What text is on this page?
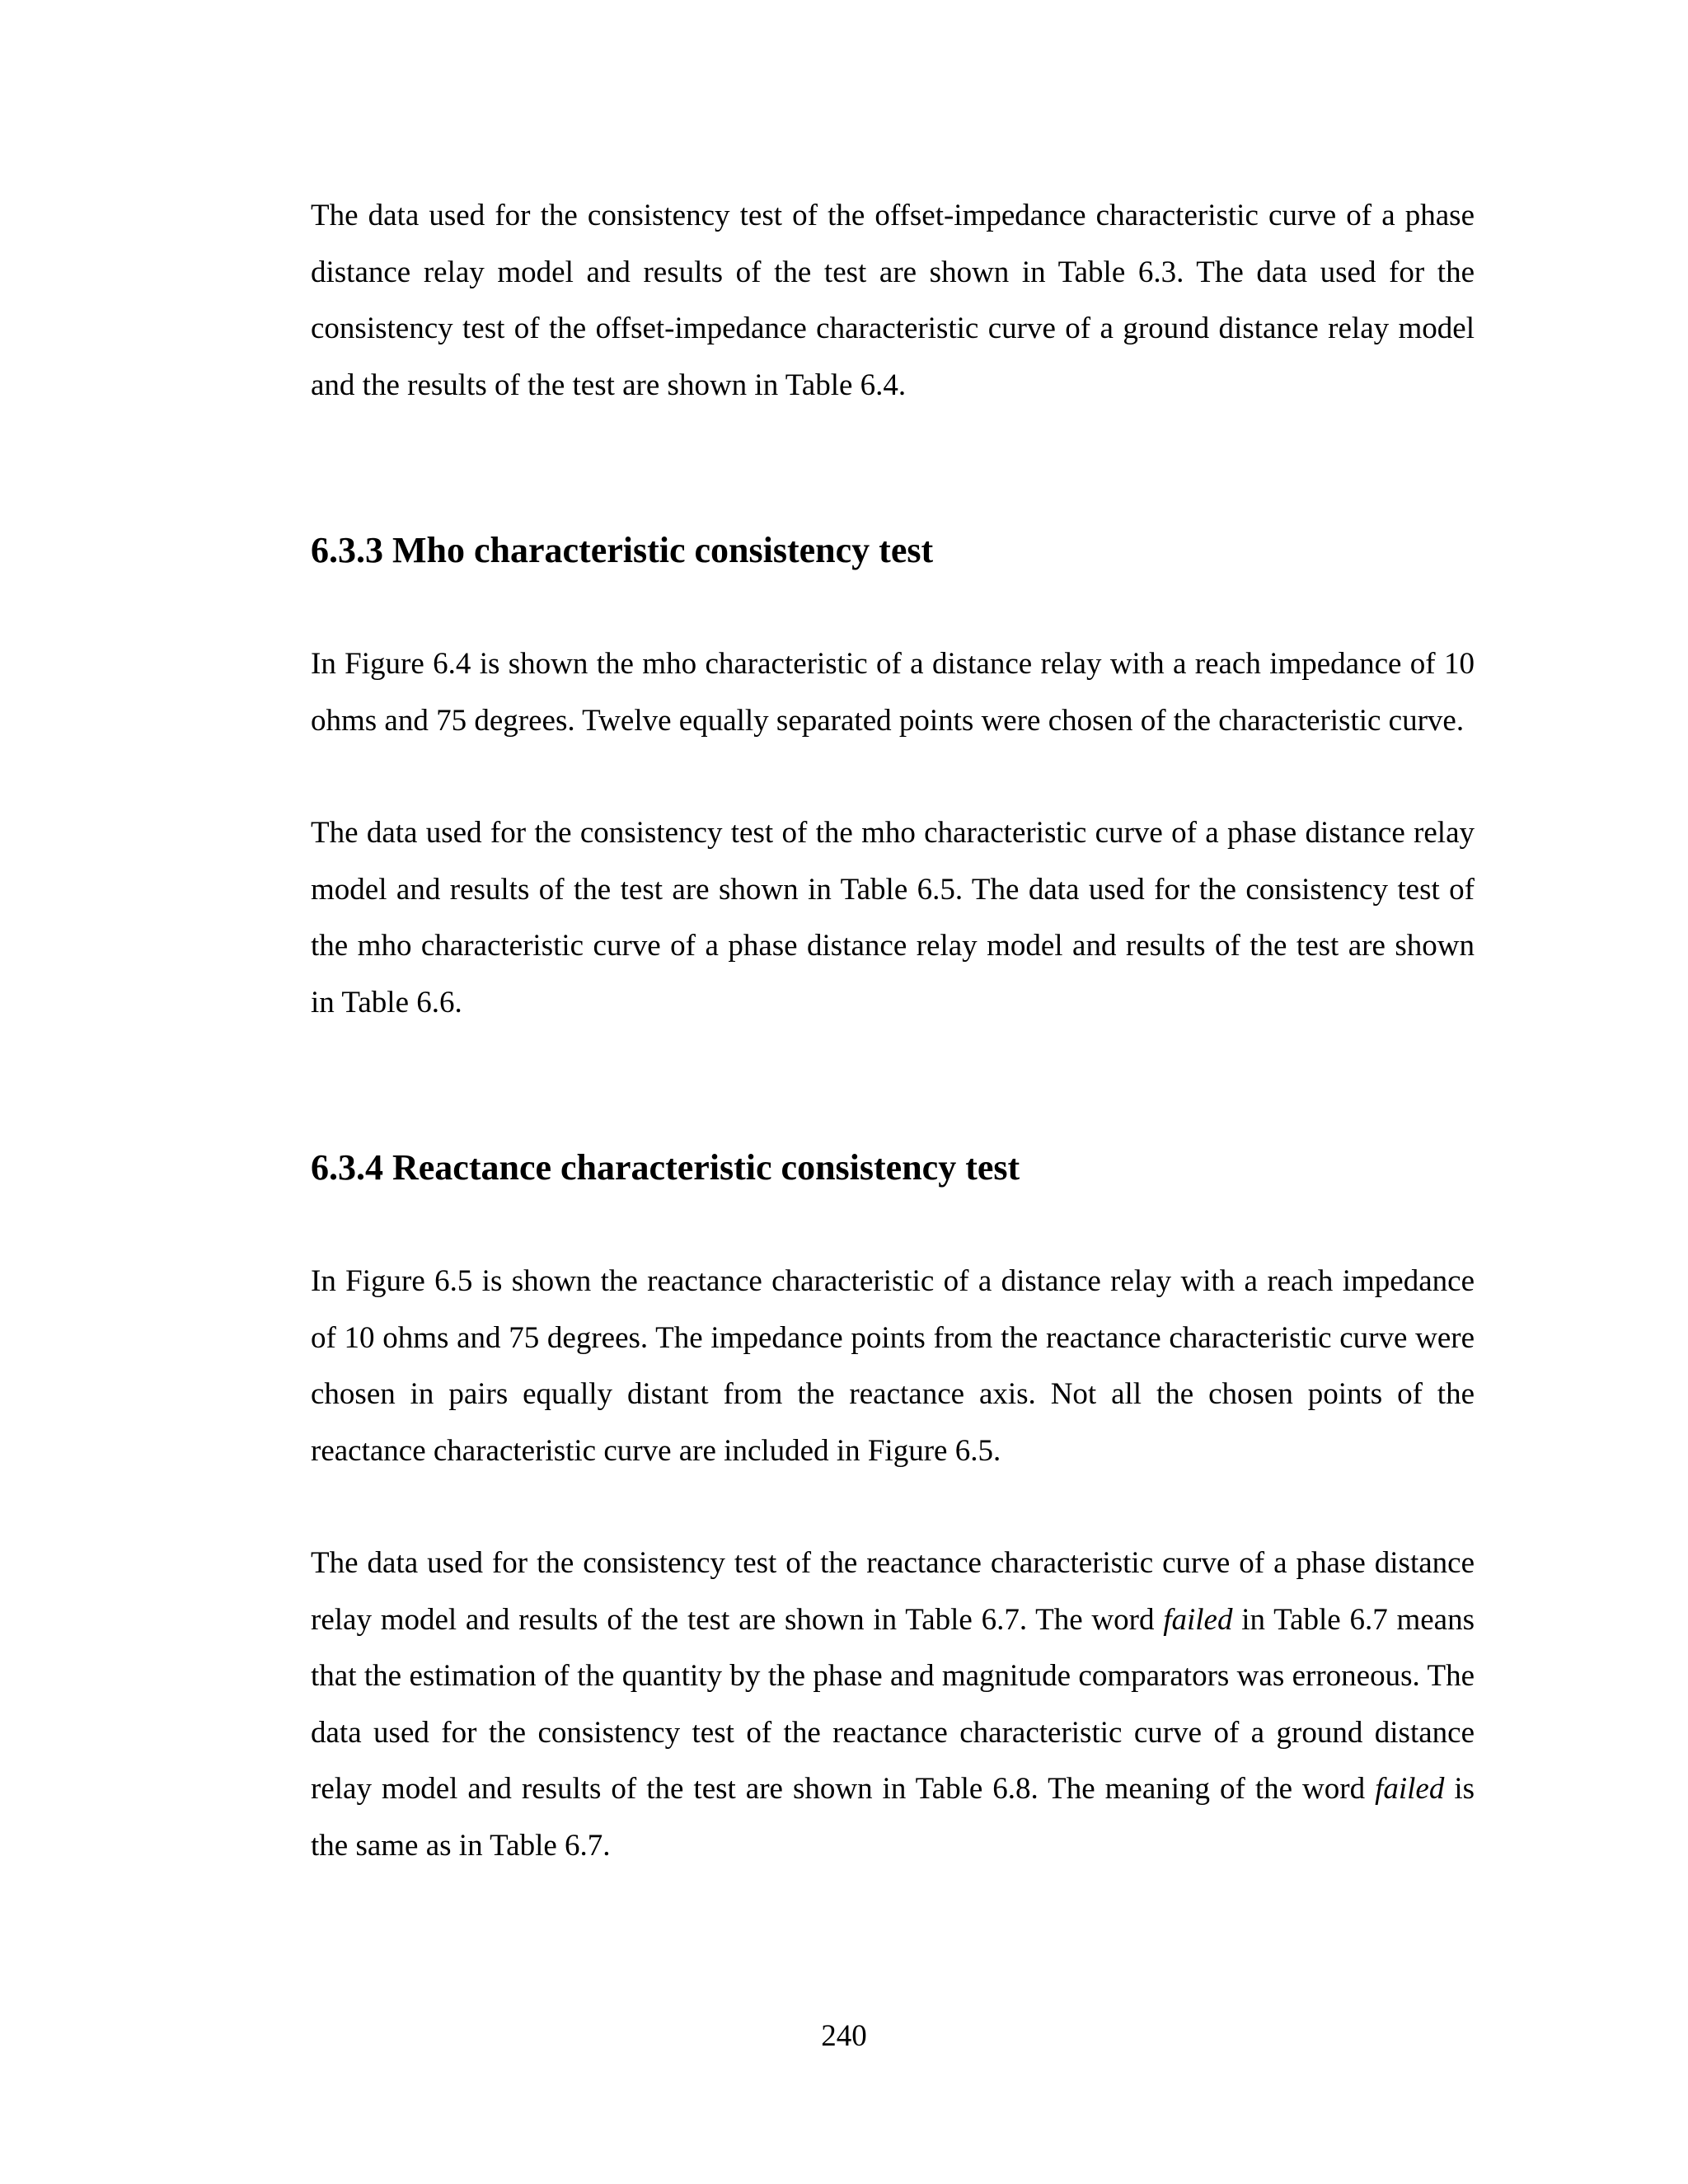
The data used for the consistency test of the offset-impedance characteristic curve of a phase distance relay model and results of the test are shown in Table 6.3. The data used for the consistency test of the offset-impedance characteristic curve of a ground distance relay model and the results of the test are shown in Table 6.4.

6.3.3 Mho characteristic consistency test

In Figure 6.4 is shown the mho characteristic of a distance relay with a reach impedance of 10 ohms and 75 degrees. Twelve equally separated points were chosen of the characteristic curve.

The data used for the consistency test of the mho characteristic curve of a phase distance relay model and results of the test are shown in Table 6.5. The data used for the consistency test of the mho characteristic curve of a phase distance relay model and results of the test are shown in Table 6.6.

6.3.4 Reactance characteristic consistency test

In Figure 6.5 is shown the reactance characteristic of a distance relay with a reach impedance of 10 ohms and 75 degrees. The impedance points from the reactance characteristic curve were chosen in pairs equally distant from the reactance axis. Not all the chosen points of the reactance characteristic curve are included in Figure 6.5.

The data used for the consistency test of the reactance characteristic curve of a phase distance relay model and results of the test are shown in Table 6.7. The word failed in Table 6.7 means that the estimation of the quantity by the phase and magnitude comparators was erroneous. The data used for the consistency test of the reactance characteristic curve of a ground distance relay model and results of the test are shown in Table 6.8. The meaning of the word failed is the same as in Table 6.7.

240
